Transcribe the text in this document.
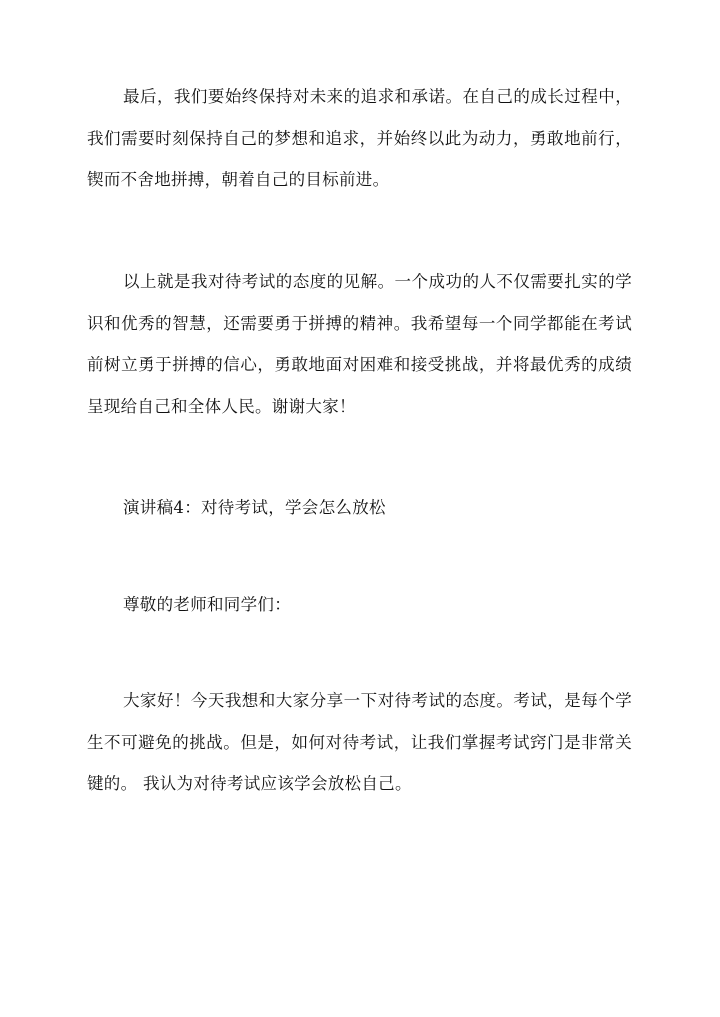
最后，我们要始终保持对未来的追求和承诺。在自己的成长过程中，我们需要时刻保持自己的梦想和追求，并始终以此为动力，勇敢地前行，锲而不舍地拼搏，朝着自己的目标前进。

以上就是我对待考试的态度的见解。一个成功的人不仅需要扎实的学识和优秀的智慧，还需要勇于拼搏的精神。我希望每一个同学都能在考试前树立勇于拼搏的信心，勇敢地面对困难和接受挑战，并将最优秀的成绩呈现给自己和全体人民。谢谢大家！

演讲稿4：对待考试，学会怎么放松

尊敬的老师和同学们：

大家好！今天我想和大家分享一下对待考试的态度。考试，是每个学生不可避免的挑战。但是，如何对待考试，让我们掌握考试窍门是非常关键的。 我认为对待考试应该学会放松自己。
